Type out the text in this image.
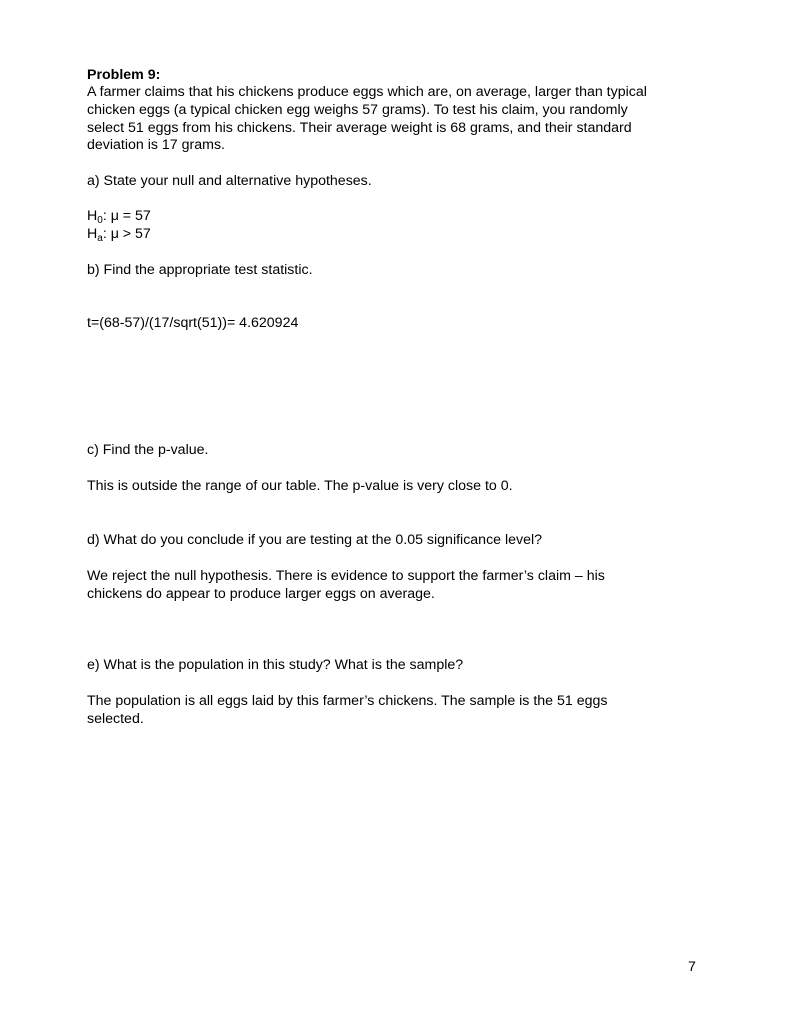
Problem 9:
A farmer claims that his chickens produce eggs which are, on average, larger than typical
chicken eggs (a typical chicken egg weighs 57 grams). To test his claim, you randomly
select 51 eggs from his chickens. Their average weight is 68 grams, and their standard
deviation is 17 grams.
a) State your null and alternative hypotheses.
$H_0$: μ = 57
$H_a$: μ > 57
b) Find the appropriate test statistic.
t=(68-57)/(17/sqrt(51))= 4.620924
c) Find the p-value.
This is outside the range of our table. The p-value is very close to 0.
d) What do you conclude if you are testing at the 0.05 significance level?
We reject the null hypothesis. There is evidence to support the farmer’s claim – his
chickens do appear to produce larger eggs on average.
e) What is the population in this study? What is the sample?
The population is all eggs laid by this farmer’s chickens. The sample is the 51 eggs
selected.
7
